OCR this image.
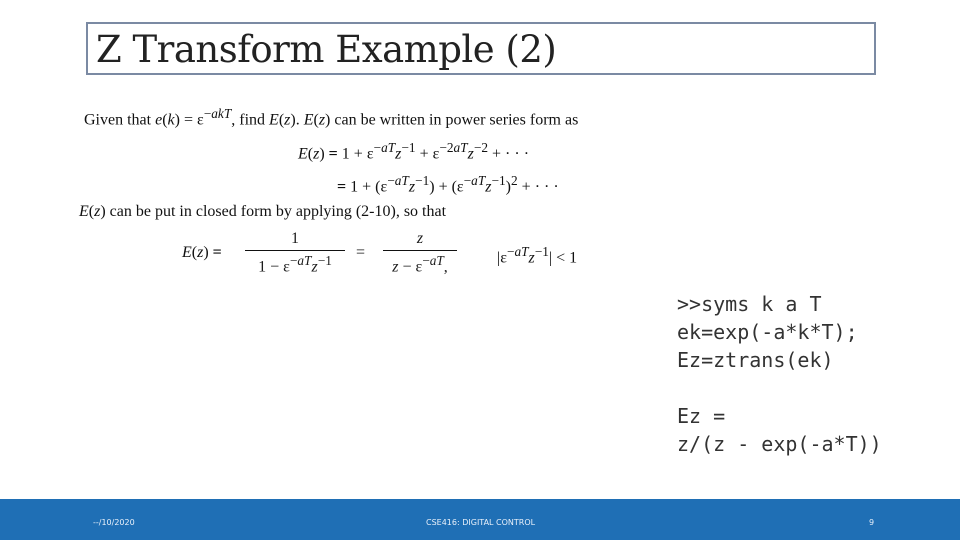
Z Transform Example (2)
Given that $e(k) = \varepsilon^{-akT}$, find E(z). E(z) can be written in power series form as
$E(z) = 1 + \varepsilon^{-aT}z^{-1} + \varepsilon^{-2aT}z^{-2}$ + · · ·
= $1 + (\varepsilon^{-aT}z^{-1}) + (\varepsilon^{-aT}z^{-1})^2$ + · · ·
E(z) can be put in closed form by applying (2-10), so that
E(z) =
1
$1 - \varepsilon^{-aT}z^{-1}$	=
z
$z - \varepsilon^{-aT}$,
$|\varepsilon^{-aT}z^{-1}| < 1$
>>syms k a T
ek=exp(-a*k*T);
Ez=ztrans(ek)

Ez =
z/(z - exp(-a*T))
--/10/2020	CSE416: DIGITAL CONTROL	9
